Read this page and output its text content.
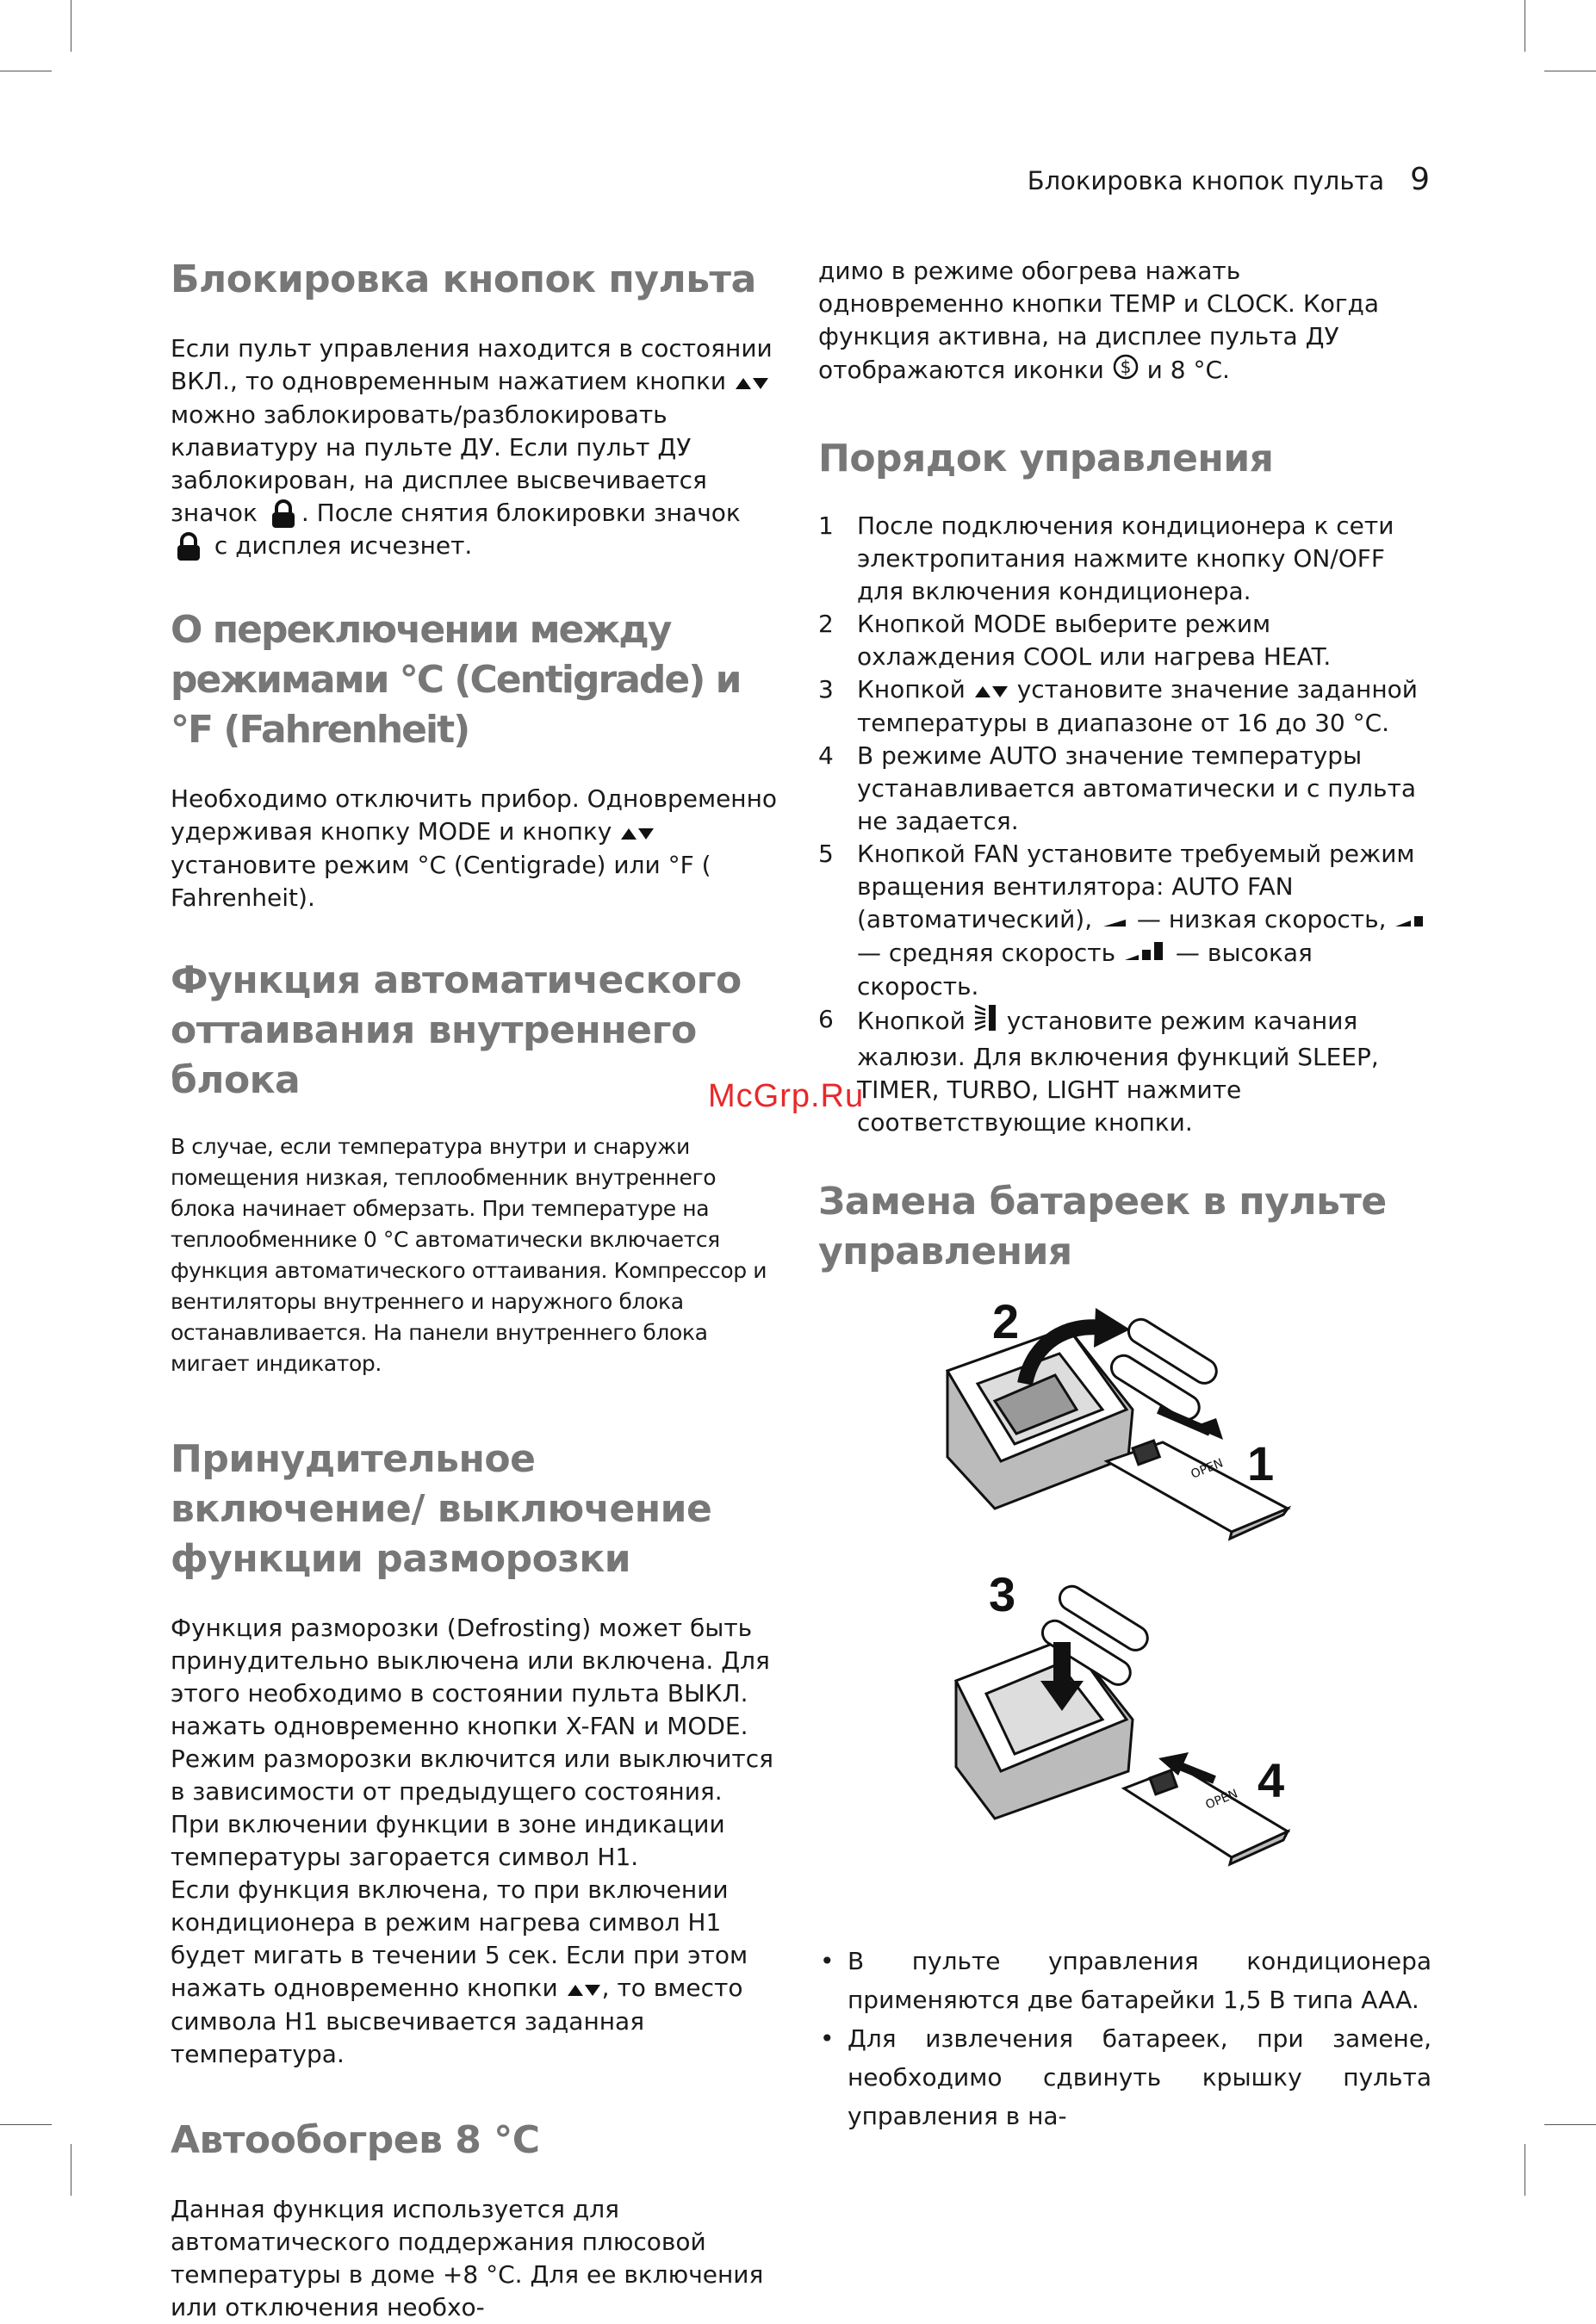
Блокировка кнопок пульта 9
McGrp.Ru
Блокировка кнопок пульта

Если пульт управления находится в состоянии ВКЛ., то одновременным нажатием кнопки  можно заблокировать/разблокировать клавиатуру на пульте ДУ. Если пульт ДУ заблокирован, на дисплее высвечивается значок . После снятия блокировки значок  с дисплея исчезнет.

О переключении между режимами °C (Centigrade) и °F (Fahrenheit)

Необходимо отключить прибор. Одновременно удерживая кнопку MODE и кнопку  установите режим °C (Centigrade) или °F ( Fahrenheit).

Функция автоматического оттаивания внутреннего блока

В случае, если температура внутри и снаружи помещения низкая, теплообменник внутреннего блока начинает обмерзать. При температуре на теплообменнике 0 °C автоматически включается функция автоматического оттаивания. Компрессор и вентиляторы внутреннего и наружного блока останавливается. На панели внутреннего блока мигает индикатор.

Принудительное включение/ выключение функции разморозки

Функция разморозки (Defrosting) может быть принудительно выключена или включена. Для этого необходимо в состоянии пульта ВЫКЛ. нажать одновременно кнопки X-FAN и MODE. Режим разморозки включится или выключится в зависимости от предыдущего состояния. При включении функции в зоне индикации температуры загорается символ H1.

Если функция включена, то при включении кондиционера в режим нагрева символ H1 будет мигать в течении 5 сек. Если при этом нажать одновременно кнопки , то вместо символа H1 высвечивается заданная температура.

Автообогрев 8 °C

Данная функция используется для автоматического поддержания плюсовой температуры в доме +8 °C. Для ее включения или отключения необхо-

димо в режиме обогрева нажать одновременно кнопки TEMP и CLOCK. Когда функция активна, на дисплее пульта ДУ отображаются иконки $ и 8 °C.

Порядок управления
1 После подключения кондиционера к сети электропитания нажмите кнопку ON/OFF для включения кондиционера.
2 Кнопкой MODE выберите режим охлаждения COOL или нагрева HEAT.
3 Кнопкой установите значение заданной температуры в диапазоне от 16 до 30 °C.
4 В режиме AUTO значение температуры устанавливается автоматически и с пульта не задается.
5 Кнопкой FAN установите требуемый режим вращения вентилятора: AUTO FAN (автоматический), — низкая скорость,  — средняя скорость — высокая скорость.
6 Кнопкой установите режим качания жалюзи. Для включения функций SLEEP, TIMER, TURBO, LIGHT нажмите соответствующие кнопки.
Замена батареек в пульте управления
OPEN
OPEN
2
1
3
4
• В пульте управления кондиционера применяются две батарейки 1,5 В типа AAA.
• Для извлечения батареек, при замене, необходимо сдвинуть крышку пульта управления в на-
